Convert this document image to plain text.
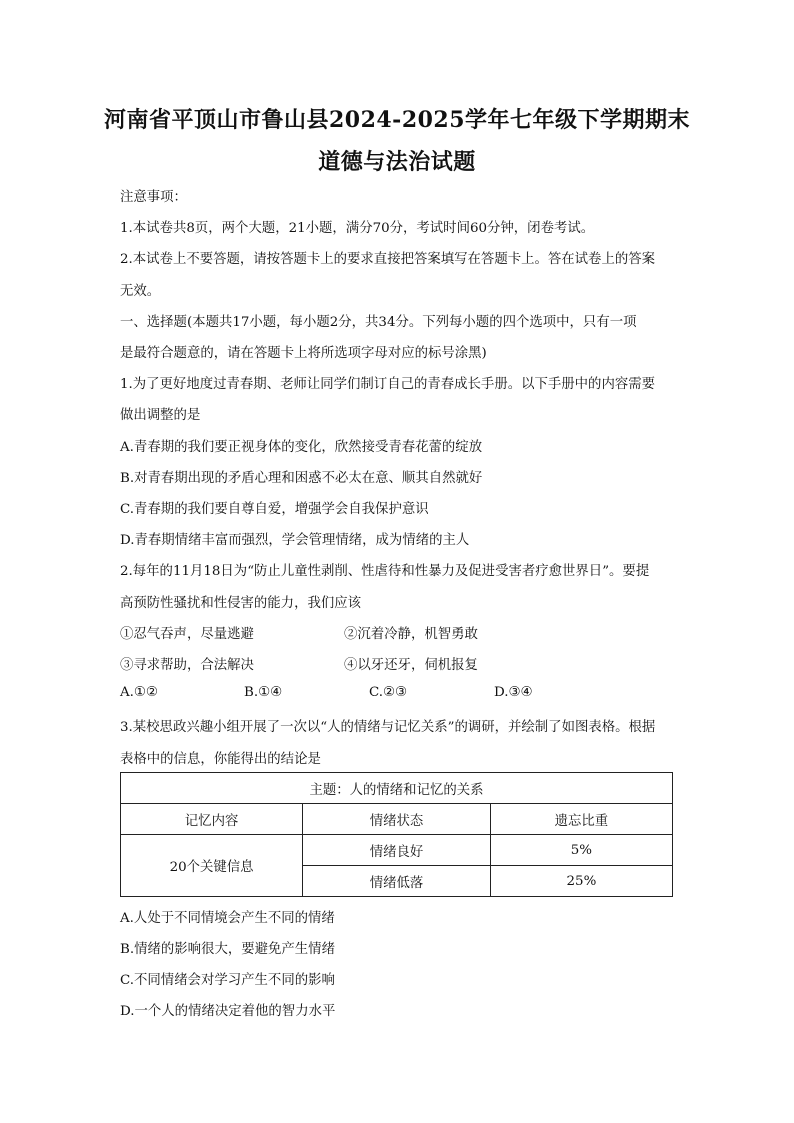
河南省平顶山市鲁山县2024-2025学年七年级下学期期末
道德与法治试题
注意事项：
1.本试卷共8页，两个大题，21小题，满分70分，考试时间60分钟，闭卷考试。
2.本试卷上不要答题，请按答题卡上的要求直接把答案填写在答题卡上。答在试卷上的答案
无效。
一、选择题(本题共17小题，每小题2分，共34分。下列每小题的四个选项中，只有一项
是最符合题意的，请在答题卡上将所选项字母对应的标号涂黑)
1.为了更好地度过青春期、老师让同学们制订自己的青春成长手册。以下手册中的内容需要
做出调整的是
A.青春期的我们要正视身体的变化，欣然接受青春花蕾的绽放
B.对青春期出现的矛盾心理和困惑不必太在意、顺其自然就好
C.青春期的我们要自尊自爱，增强学会自我保护意识
D.青春期情绪丰富而强烈，学会管理情绪，成为情绪的主人
2.每年的11月18日为“防止儿童性剥削、性虐待和性暴力及促进受害者疗愈世界日”。要提
高预防性骚扰和性侵害的能力，我们应该
①忍气吞声，尽量逃避	②沉着冷静，机智勇敢
③寻求帮助，合法解决	④以牙还牙，伺机报复
A.①②	B.①④	C.②③	D.③④
3.某校思政兴趣小组开展了一次以“人的情绪与记忆关系”的调研，并绘制了如图表格。根据
表格中的信息，你能得出的结论是
主题：人的情绪和记忆的关系		
记忆内容	情绪状态	遗忘比重
20个关键信息	情绪良好	5%
	情绪低落	25%
A.人处于不同情境会产生不同的情绪
B.情绪的影响很大，要避免产生情绪
C.不同情绪会对学习产生不同的影响
D.一个人的情绪决定着他的智力水平
